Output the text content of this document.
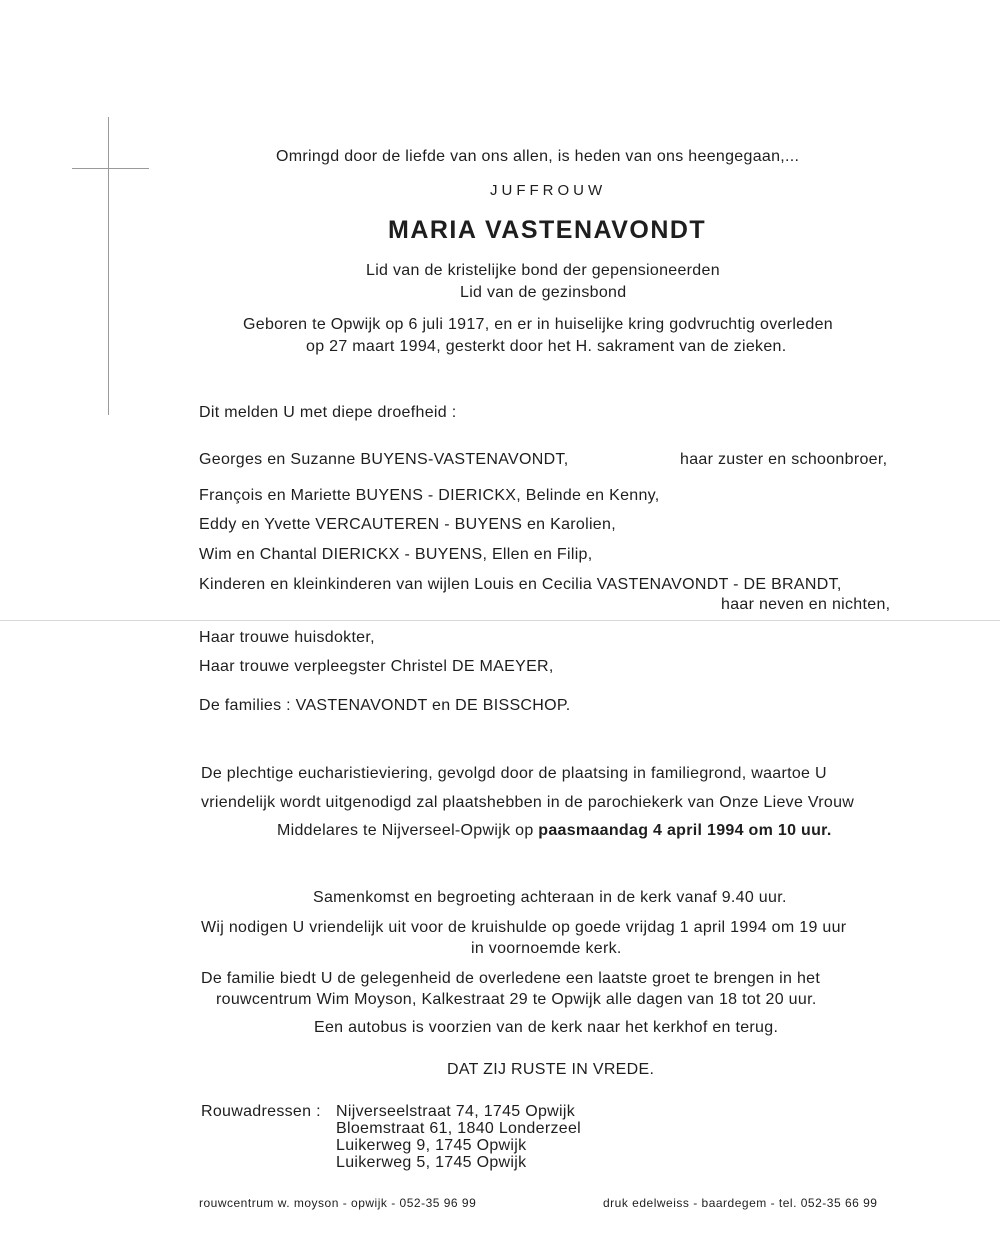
Omringd door de liefde van ons allen, is heden van ons heengegaan,...
JUFFROUW
MARIA VASTENAVONDT
Lid van de kristelijke bond der gepensioneerden
Lid van de gezinsbond
Geboren te Opwijk op 6 juli 1917, en er in huiselijke kring godvruchtig overleden
op 27 maart 1994, gesterkt door het H. sakrament van de zieken.
Dit melden U met diepe droefheid :
Georges en Suzanne BUYENS-VASTENAVONDT,	haar zuster en schoonbroer,
François en Mariette BUYENS - DIERICKX, Belinde en Kenny,
Eddy en Yvette VERCAUTEREN - BUYENS en Karolien,
Wim en Chantal DIERICKX - BUYENS, Ellen en Filip,
Kinderen en kleinkinderen van wijlen Louis en Cecilia VASTENAVONDT - DE BRANDT,
haar neven en nichten,
Haar trouwe huisdokter,
Haar trouwe verpleegster Christel DE MAEYER,
De families : VASTENAVONDT en DE BISSCHOP.
De plechtige eucharistieviering, gevolgd door de plaatsing in familiegrond, waartoe U
vriendelijk wordt uitgenodigd zal plaatshebben in de parochiekerk van Onze Lieve Vrouw
Middelares te Nijverseel-Opwijk op paasmaandag 4 april 1994 om 10 uur.
Samenkomst en begroeting achteraan in de kerk vanaf 9.40 uur.
Wij nodigen U vriendelijk uit voor de kruishulde op goede vrijdag 1 april 1994 om 19 uur
in voornoemde kerk.
De familie biedt U de gelegenheid de overledene een laatste groet te brengen in het
rouwcentrum Wim Moyson, Kalkestraat 29 te Opwijk alle dagen van 18 tot 20 uur.
Een autobus is voorzien van de kerk naar het kerkhof en terug.
DAT ZIJ RUSTE IN VREDE.
Rouwadressen : Nijverseelstraat 74, 1745 Opwijk
Bloemstraat 61, 1840 Londerzeel
Luikerweg 9, 1745 Opwijk
Luikerweg 5, 1745 Opwijk
rouwcentrum w. moyson - opwijk - 052-35 96 99	druk edelweiss - baardegem - tel. 052-35 66 99
